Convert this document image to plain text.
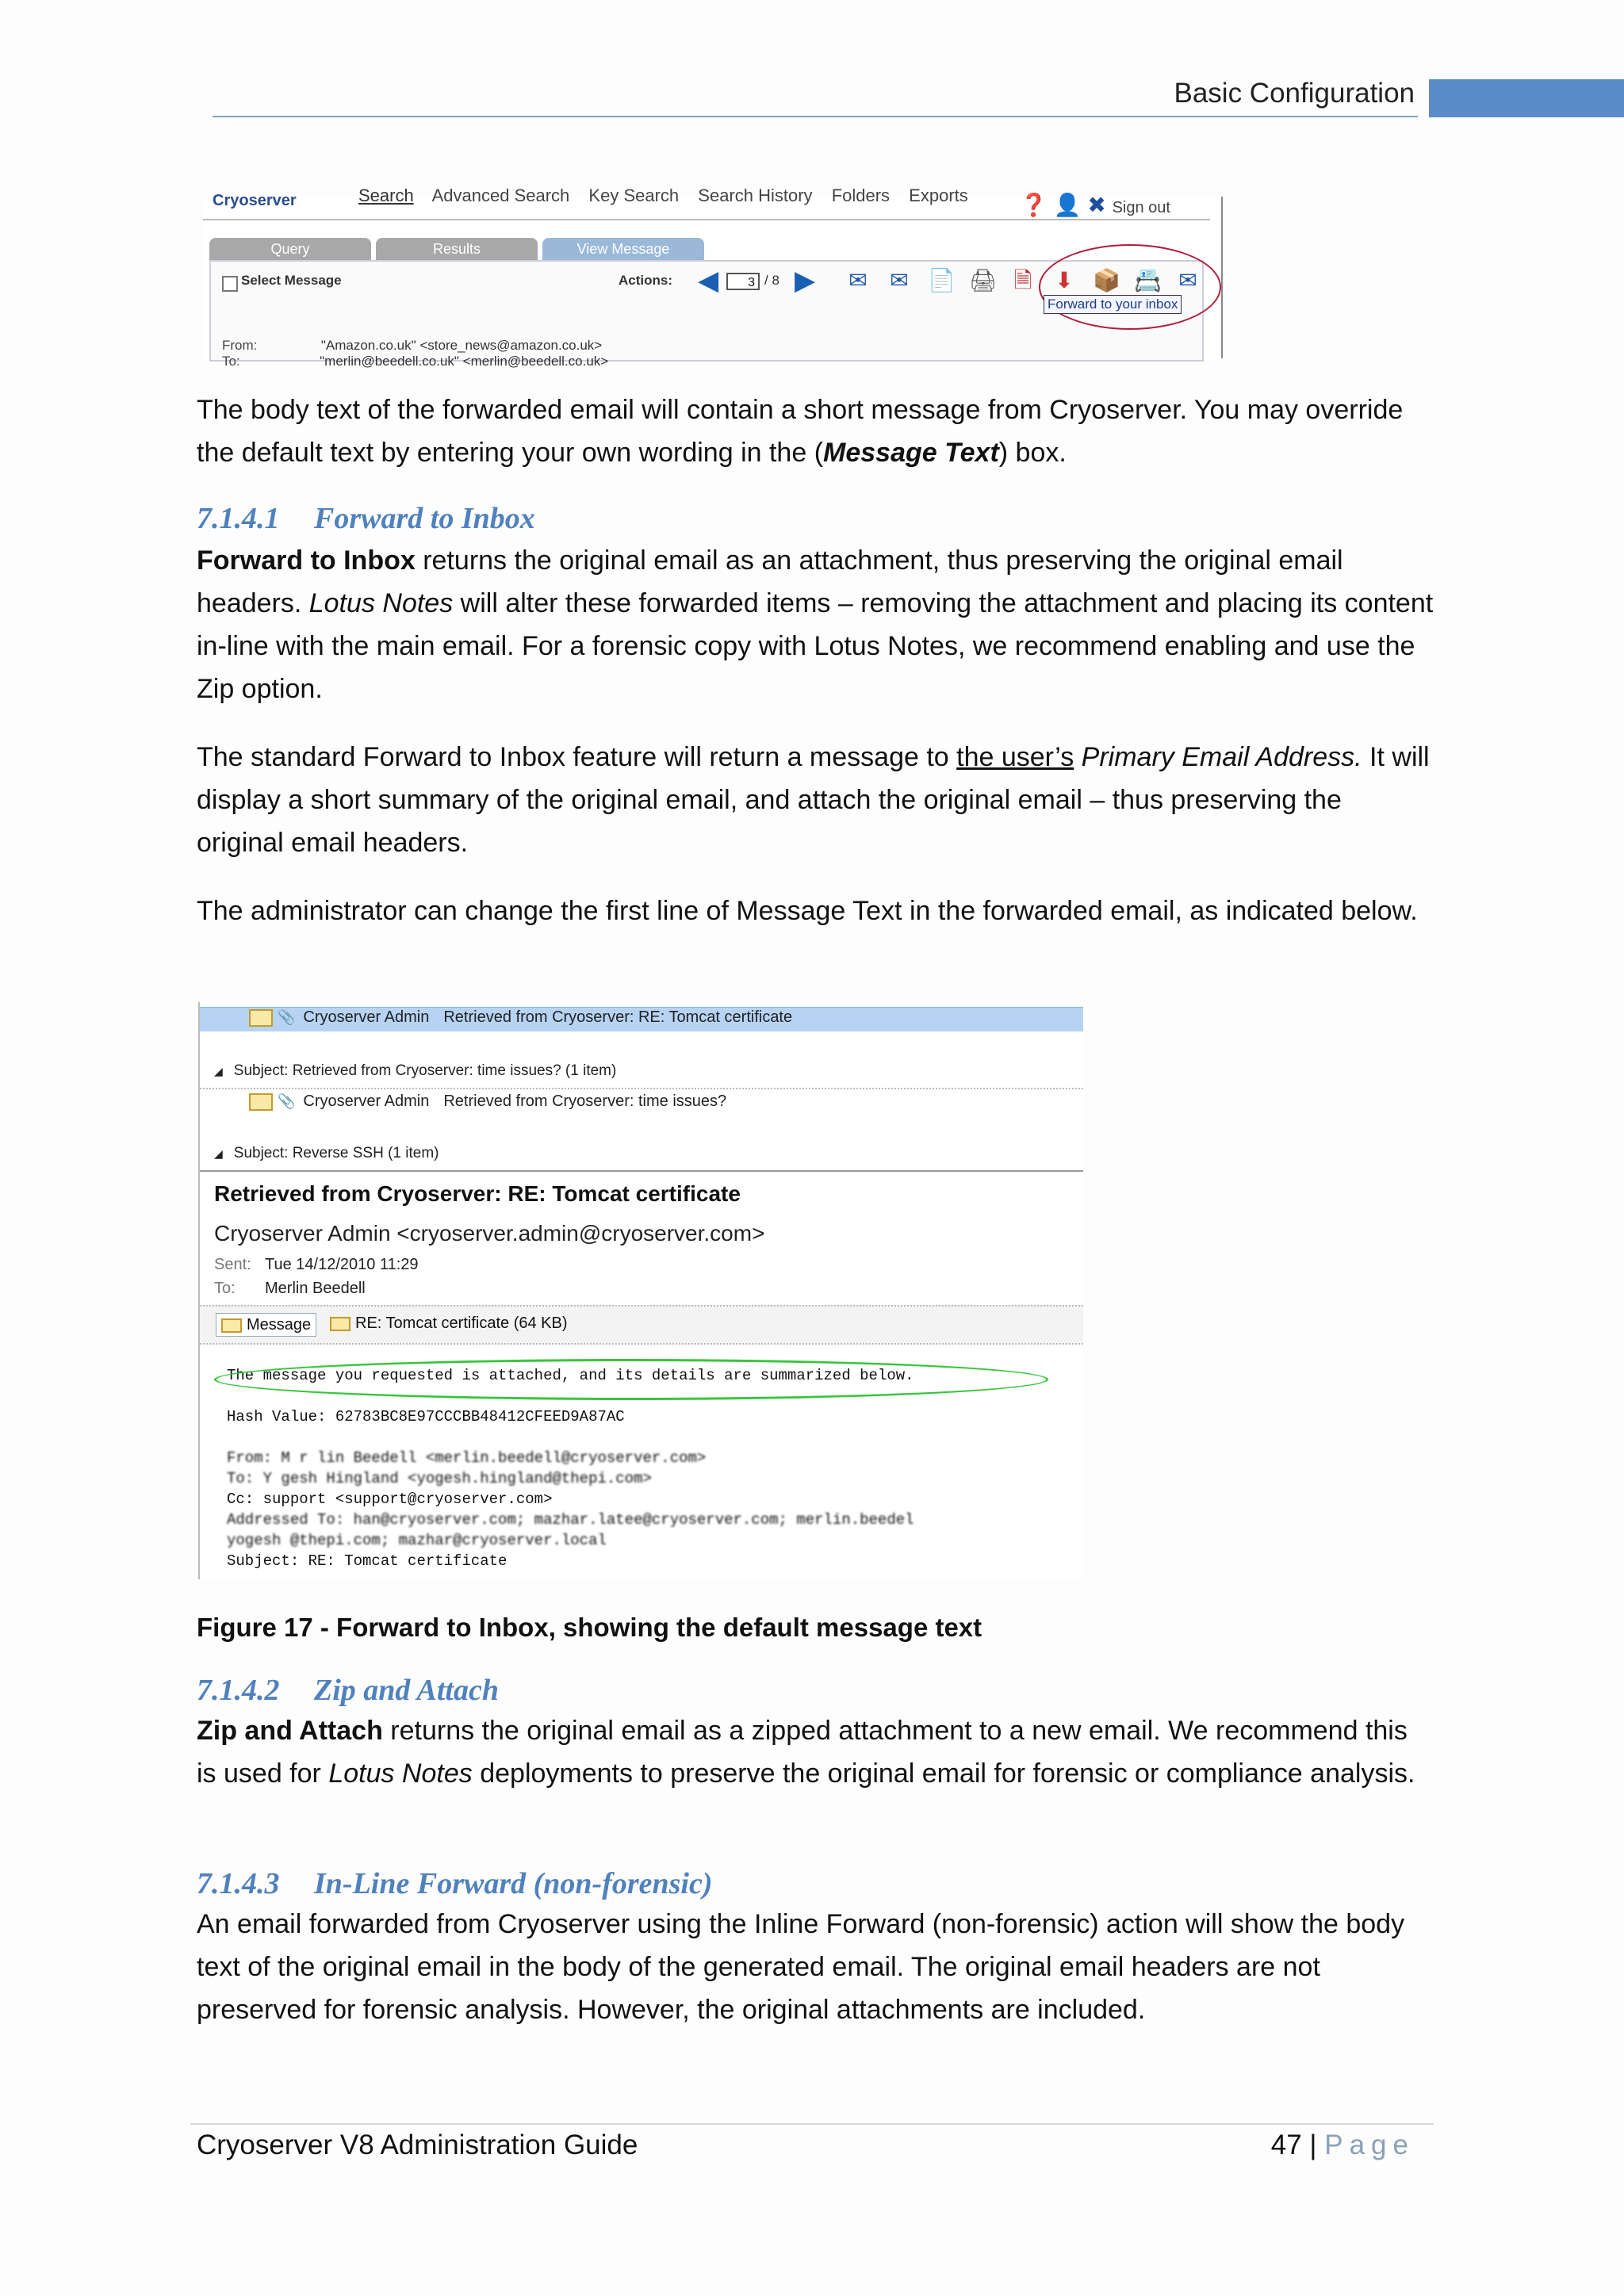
Basic Configuration
Cryoserver	Search Advanced Search Key Search Search History Folders Exports	❓ 👤 ✖ Sign out
Query	Results	View Message
Select Message	Actions: ◀	3 / 8 ▶ ✉ ✉ 📄 🖨 🗎 ⬇ 📦 📇 ✉
From:	"Amazon.co.uk" <store_news@amazon.co.uk>
To:	"merlin@beedell.co.uk" <merlin@beedell.co.uk>
Forward to your inbox
The body text of the forwarded email will contain a short message from Cryoserver. You may override the default text by entering your own wording in the (Message Text) box.
7.1.4.1 Forward to Inbox
Forward to Inbox returns the original email as an attachment, thus preserving the original email headers. Lotus Notes will alter these forwarded items – removing the attachment and placing its content in-line with the main email. For a forensic copy with Lotus Notes, we recommend enabling and use the Zip option.
The standard Forward to Inbox feature will return a message to the user’s Primary Email Address. It will display a short summary of the original email, and attach the original email – thus preserving the original email headers.
The administrator can change the first line of Message Text in the forwarded email, as indicated below.
📎 Cryoserver Admin Retrieved from Cryoserver: RE: Tomcat certificate
◢ Subject: Retrieved from Cryoserver: time issues? (1 item)
📎 Cryoserver Admin Retrieved from Cryoserver: time issues?
◢ Subject: Reverse SSH (1 item)
Retrieved from Cryoserver: RE: Tomcat certificate
Cryoserver Admin <cryoserver.admin@cryoserver.com>
Sent: Tue 14/12/2010 11:29
To: Merlin Beedell
Message	RE: Tomcat certificate (64 KB)
The message you requested is attached, and its details are summarized below.
Hash Value: 62783BC8E97CCCBB48412CFEED9A87AC
From: M r lin Beedell <merlin.beedell@cryoserver.com>
To: Y gesh Hingland <yogesh.hingland@thepi.com>
Cc: support <support@cryoserver.com>
Addressed To: han@cryoserver.com; mazhar.latee@cryoserver.com; merlin.beedel
yogesh @thepi.com; mazhar@cryoserver.local
Subject: RE: Tomcat certificate
Figure 17 - Forward to Inbox, showing the default message text
7.1.4.2 Zip and Attach
Zip and Attach returns the original email as a zipped attachment to a new email. We recommend this is used for Lotus Notes deployments to preserve the original email for forensic or compliance analysis.
7.1.4.3 In-Line Forward (non-forensic)
An email forwarded from Cryoserver using the Inline Forward (non-forensic) action will show the body text of the original email in the body of the generated email. The original email headers are not preserved for forensic analysis. However, the original attachments are included.
Cryoserver V8 Administration Guide	47 | Page
